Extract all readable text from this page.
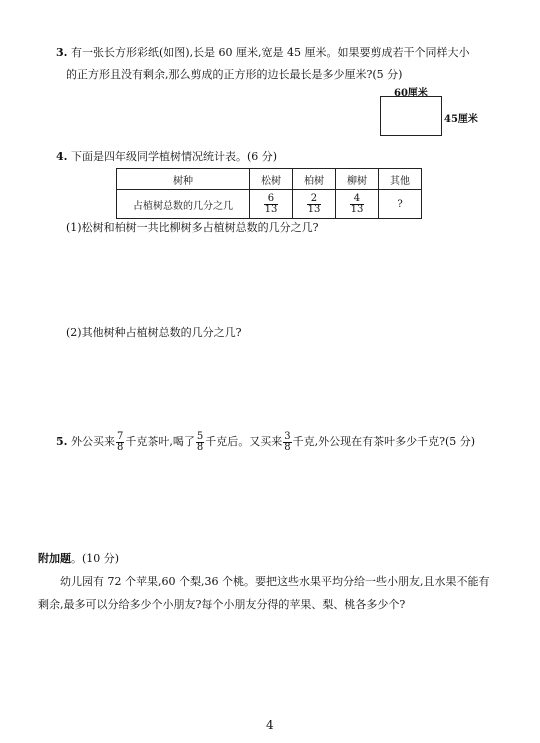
3. 有一张长方形彩纸(如图),长是 60 厘米,宽是 45 厘米。如果要剪成若干个同样大小
的正方形且没有剩余,那么剪成的正方形的边长最长是多少厘米?(5 分)
60厘米
45厘米
4. 下面是四年级同学植树情况统计表。(6 分)
树种	松树	柏树	柳树	其他
占植树总数的几分之几	$\frac{6}{13}$	$\frac{2}{13}$	$\frac{4}{13}$	?
(1)松树和柏树一共比柳树多占植树总数的几分之几?
(2)其他树种占植树总数的几分之几?
5. 外公买来 $\frac{7}{8}$ 千克茶叶,喝了 $\frac{5}{8}$ 千克后。又买来 $\frac{3}{8}$ 千克,外公现在有茶叶多少千克?(5 分)
附加题。(10 分)
幼儿园有 72 个苹果,60 个梨,36 个桃。要把这些水果平均分给一些小朋友,且水果不能有
剩余,最多可以分给多少个小朋友?每个小朋友分得的苹果、梨、桃各多少个?
4
